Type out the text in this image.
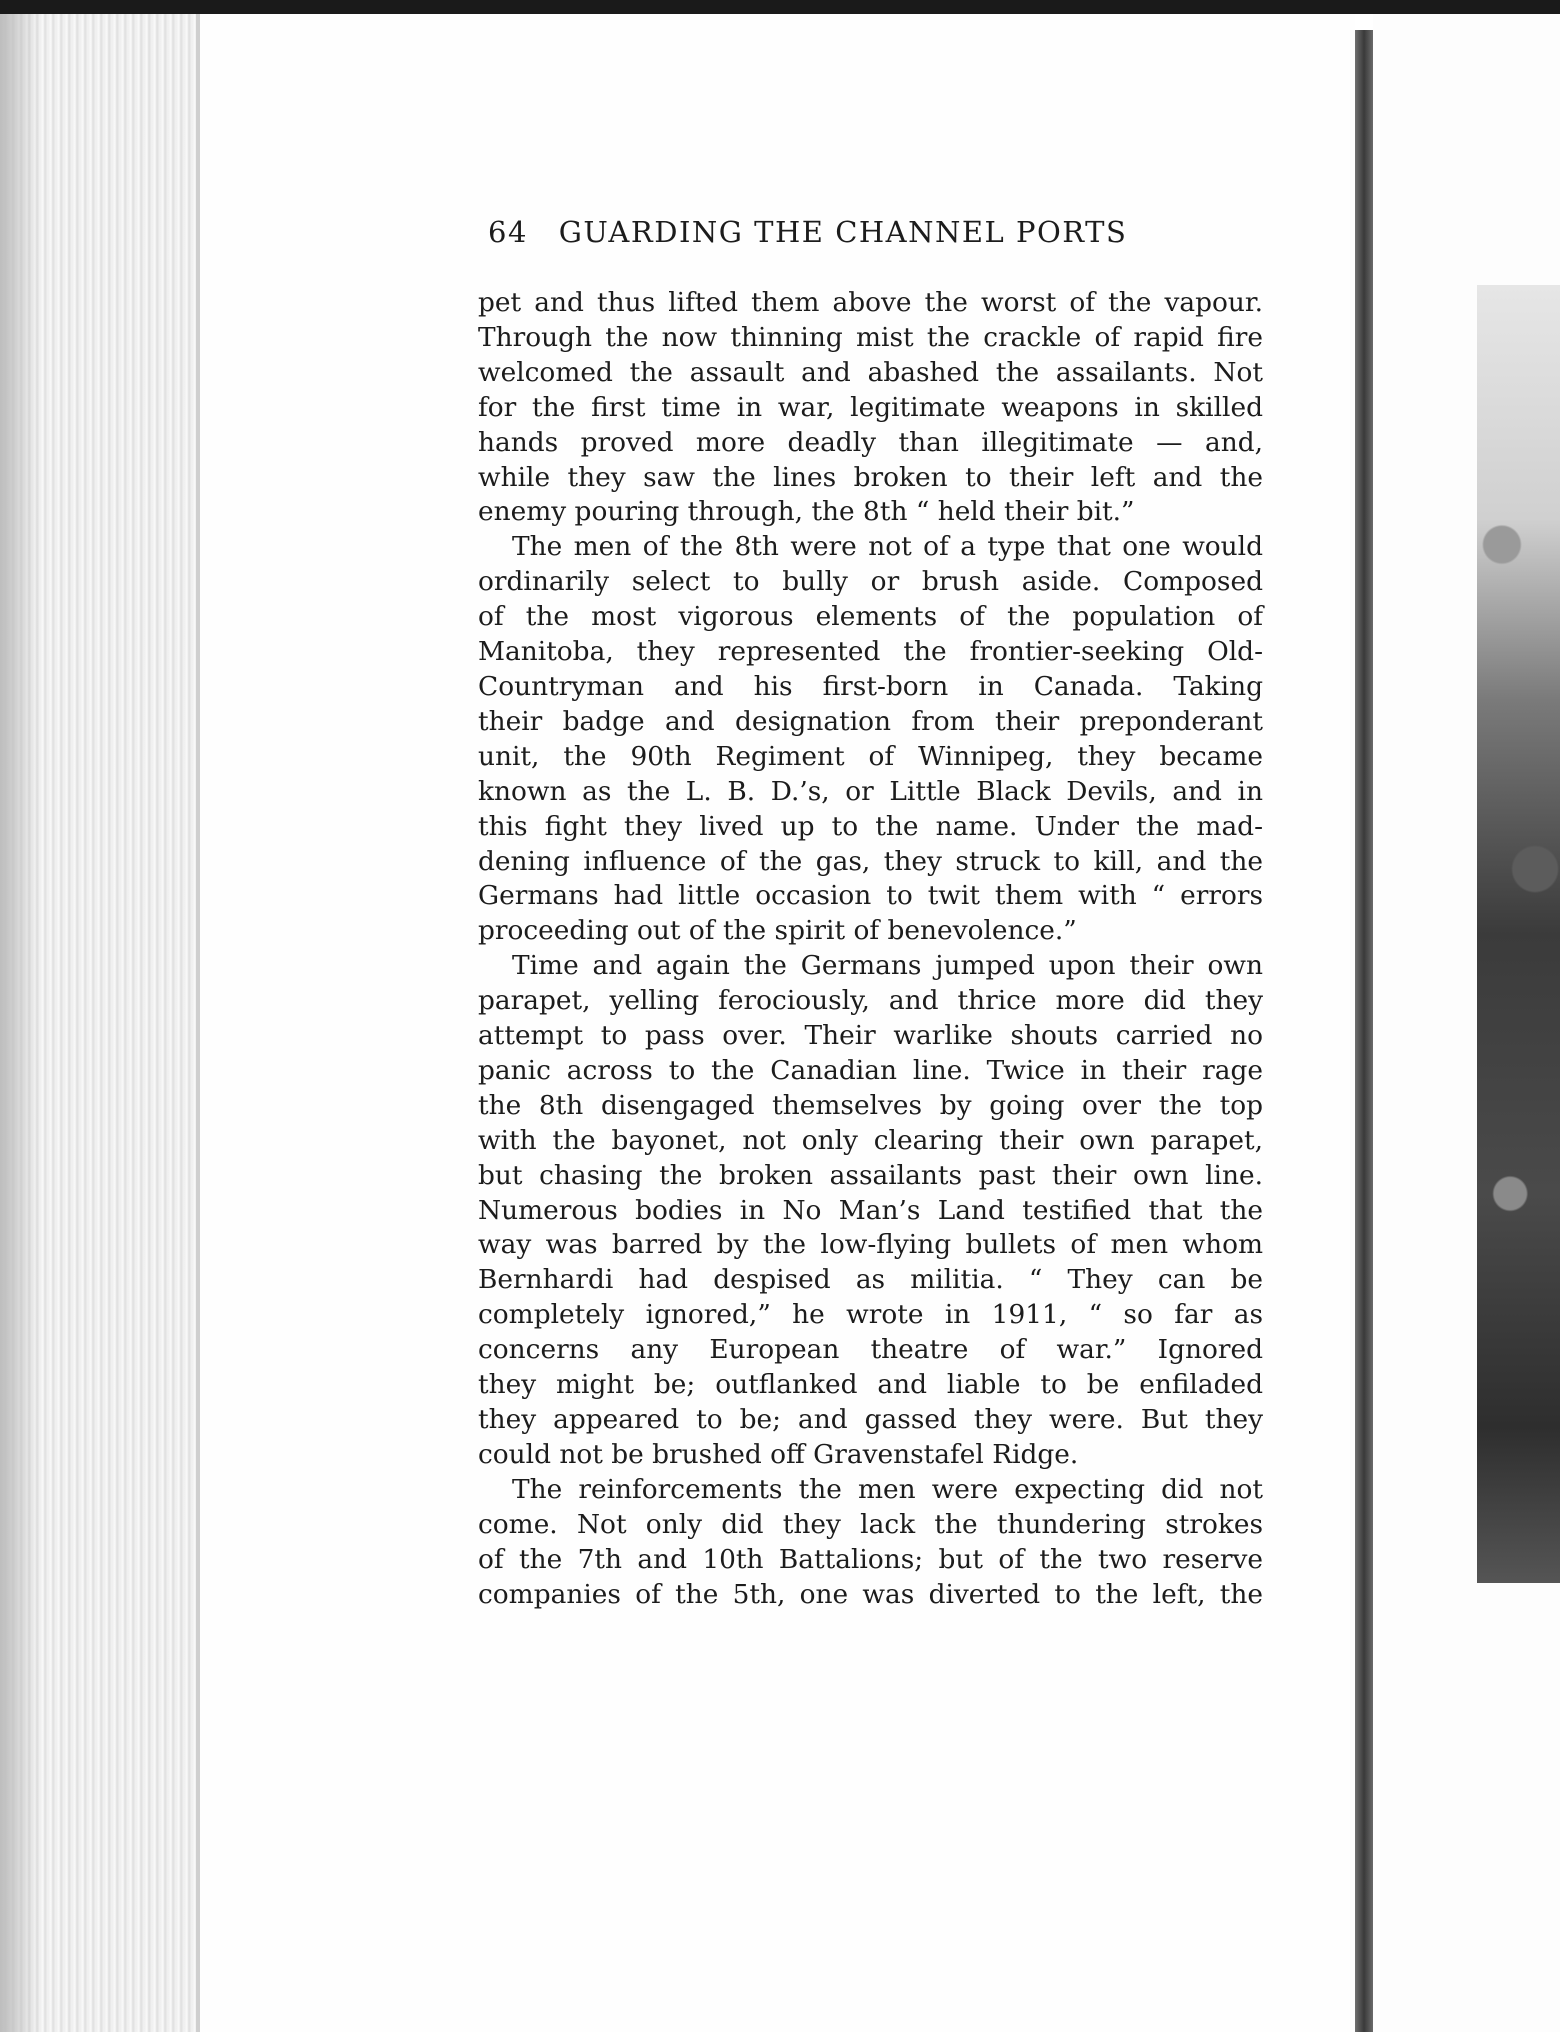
64 GUARDING THE CHANNEL PORTS
pet and thus lifted them above the worst of the vapour.
Through the now thinning mist the crackle of rapid fire
welcomed the assault and abashed the assailants. Not
for the first time in war, legitimate weapons in skilled
hands proved more deadly than illegitimate — and,
while they saw the lines broken to their left and the
enemy pouring through, the 8th “ held their bit.”
The men of the 8th were not of a type that one would
ordinarily select to bully or brush aside. Composed
of the most vigorous elements of the population of
Manitoba, they represented the frontier-seeking Old-
Countryman and his first-born in Canada. Taking
their badge and designation from their preponderant
unit, the 90th Regiment of Winnipeg, they became
known as the L. B. D.’s, or Little Black Devils, and in
this fight they lived up to the name. Under the mad-
dening influence of the gas, they struck to kill, and the
Germans had little occasion to twit them with “ errors
proceeding out of the spirit of benevolence.”
Time and again the Germans jumped upon their own
parapet, yelling ferociously, and thrice more did they
attempt to pass over. Their warlike shouts carried no
panic across to the Canadian line. Twice in their rage
the 8th disengaged themselves by going over the top
with the bayonet, not only clearing their own parapet,
but chasing the broken assailants past their own line.
Numerous bodies in No Man’s Land testified that the
way was barred by the low-flying bullets of men whom
Bernhardi had despised as militia. “ They can be
completely ignored,” he wrote in 1911, “ so far as
concerns any European theatre of war.” Ignored
they might be; outflanked and liable to be enfiladed
they appeared to be; and gassed they were. But they
could not be brushed off Gravenstafel Ridge.
The reinforcements the men were expecting did not
come. Not only did they lack the thundering strokes
of the 7th and 10th Battalions; but of the two reserve
companies of the 5th, one was diverted to the left, the
